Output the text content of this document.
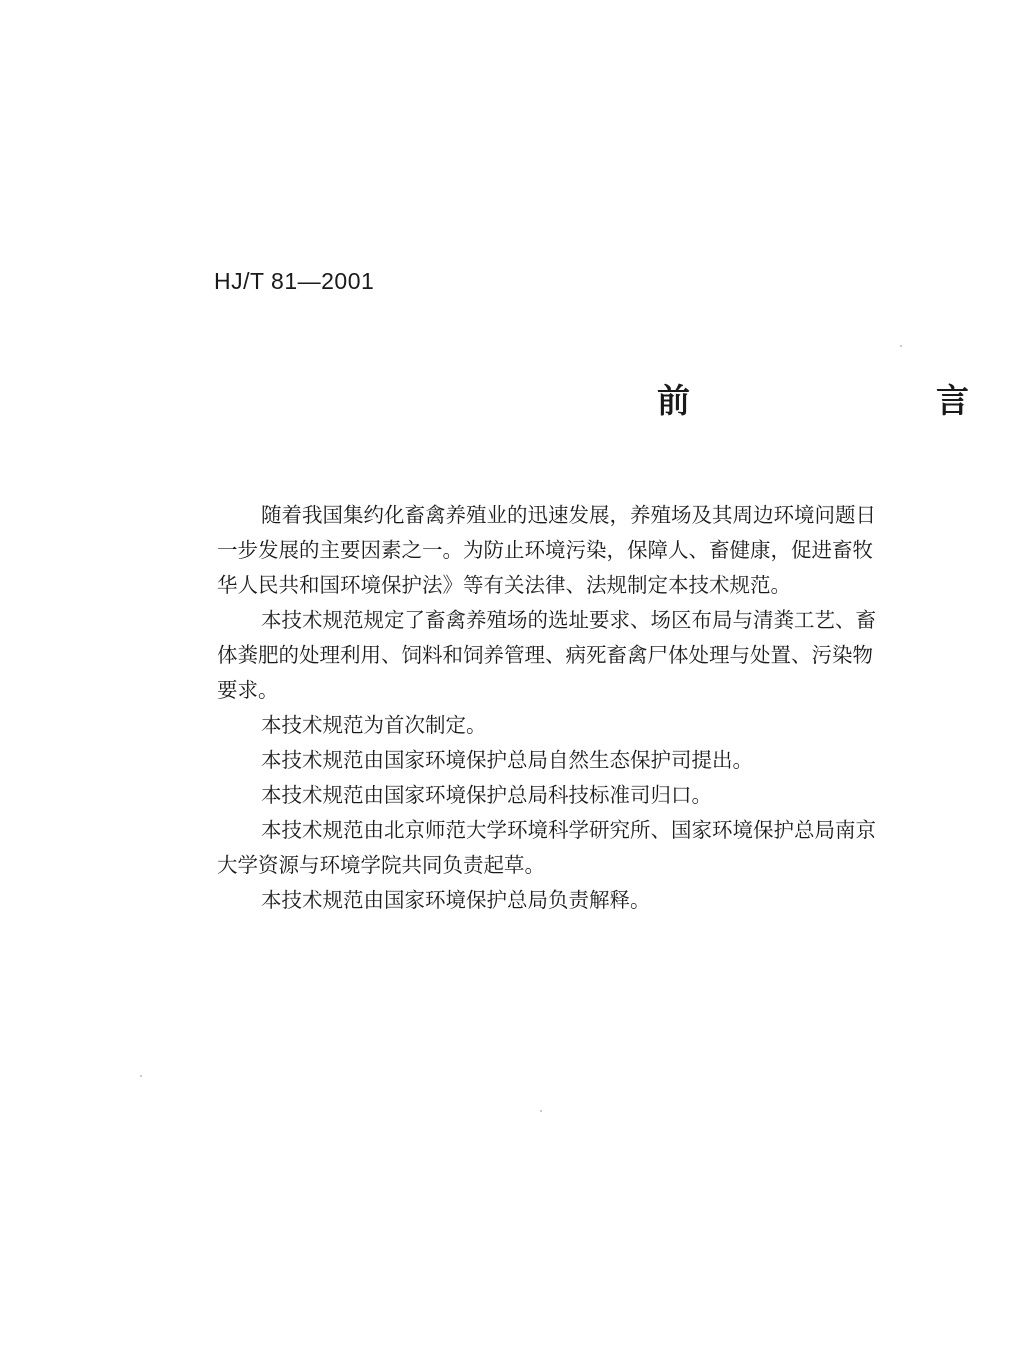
HJ/T 81—2001
前　　言
随着我国集约化畜禽养殖业的迅速发展，养殖场及其周边环境问题日
一步发展的主要因素之一。为防止环境污染，保障人、畜健康，促进畜牧
华人民共和国环境保护法》等有关法律、法规制定本技术规范。
本技术规范规定了畜禽养殖场的选址要求、场区布局与清粪工艺、畜
体粪肥的处理利用、饲料和饲养管理、病死畜禽尸体处理与处置、污染物
要求。
本技术规范为首次制定。
本技术规范由国家环境保护总局自然生态保护司提出。
本技术规范由国家环境保护总局科技标准司归口。
本技术规范由北京师范大学环境科学研究所、国家环境保护总局南京
大学资源与环境学院共同负责起草。
本技术规范由国家环境保护总局负责解释。
